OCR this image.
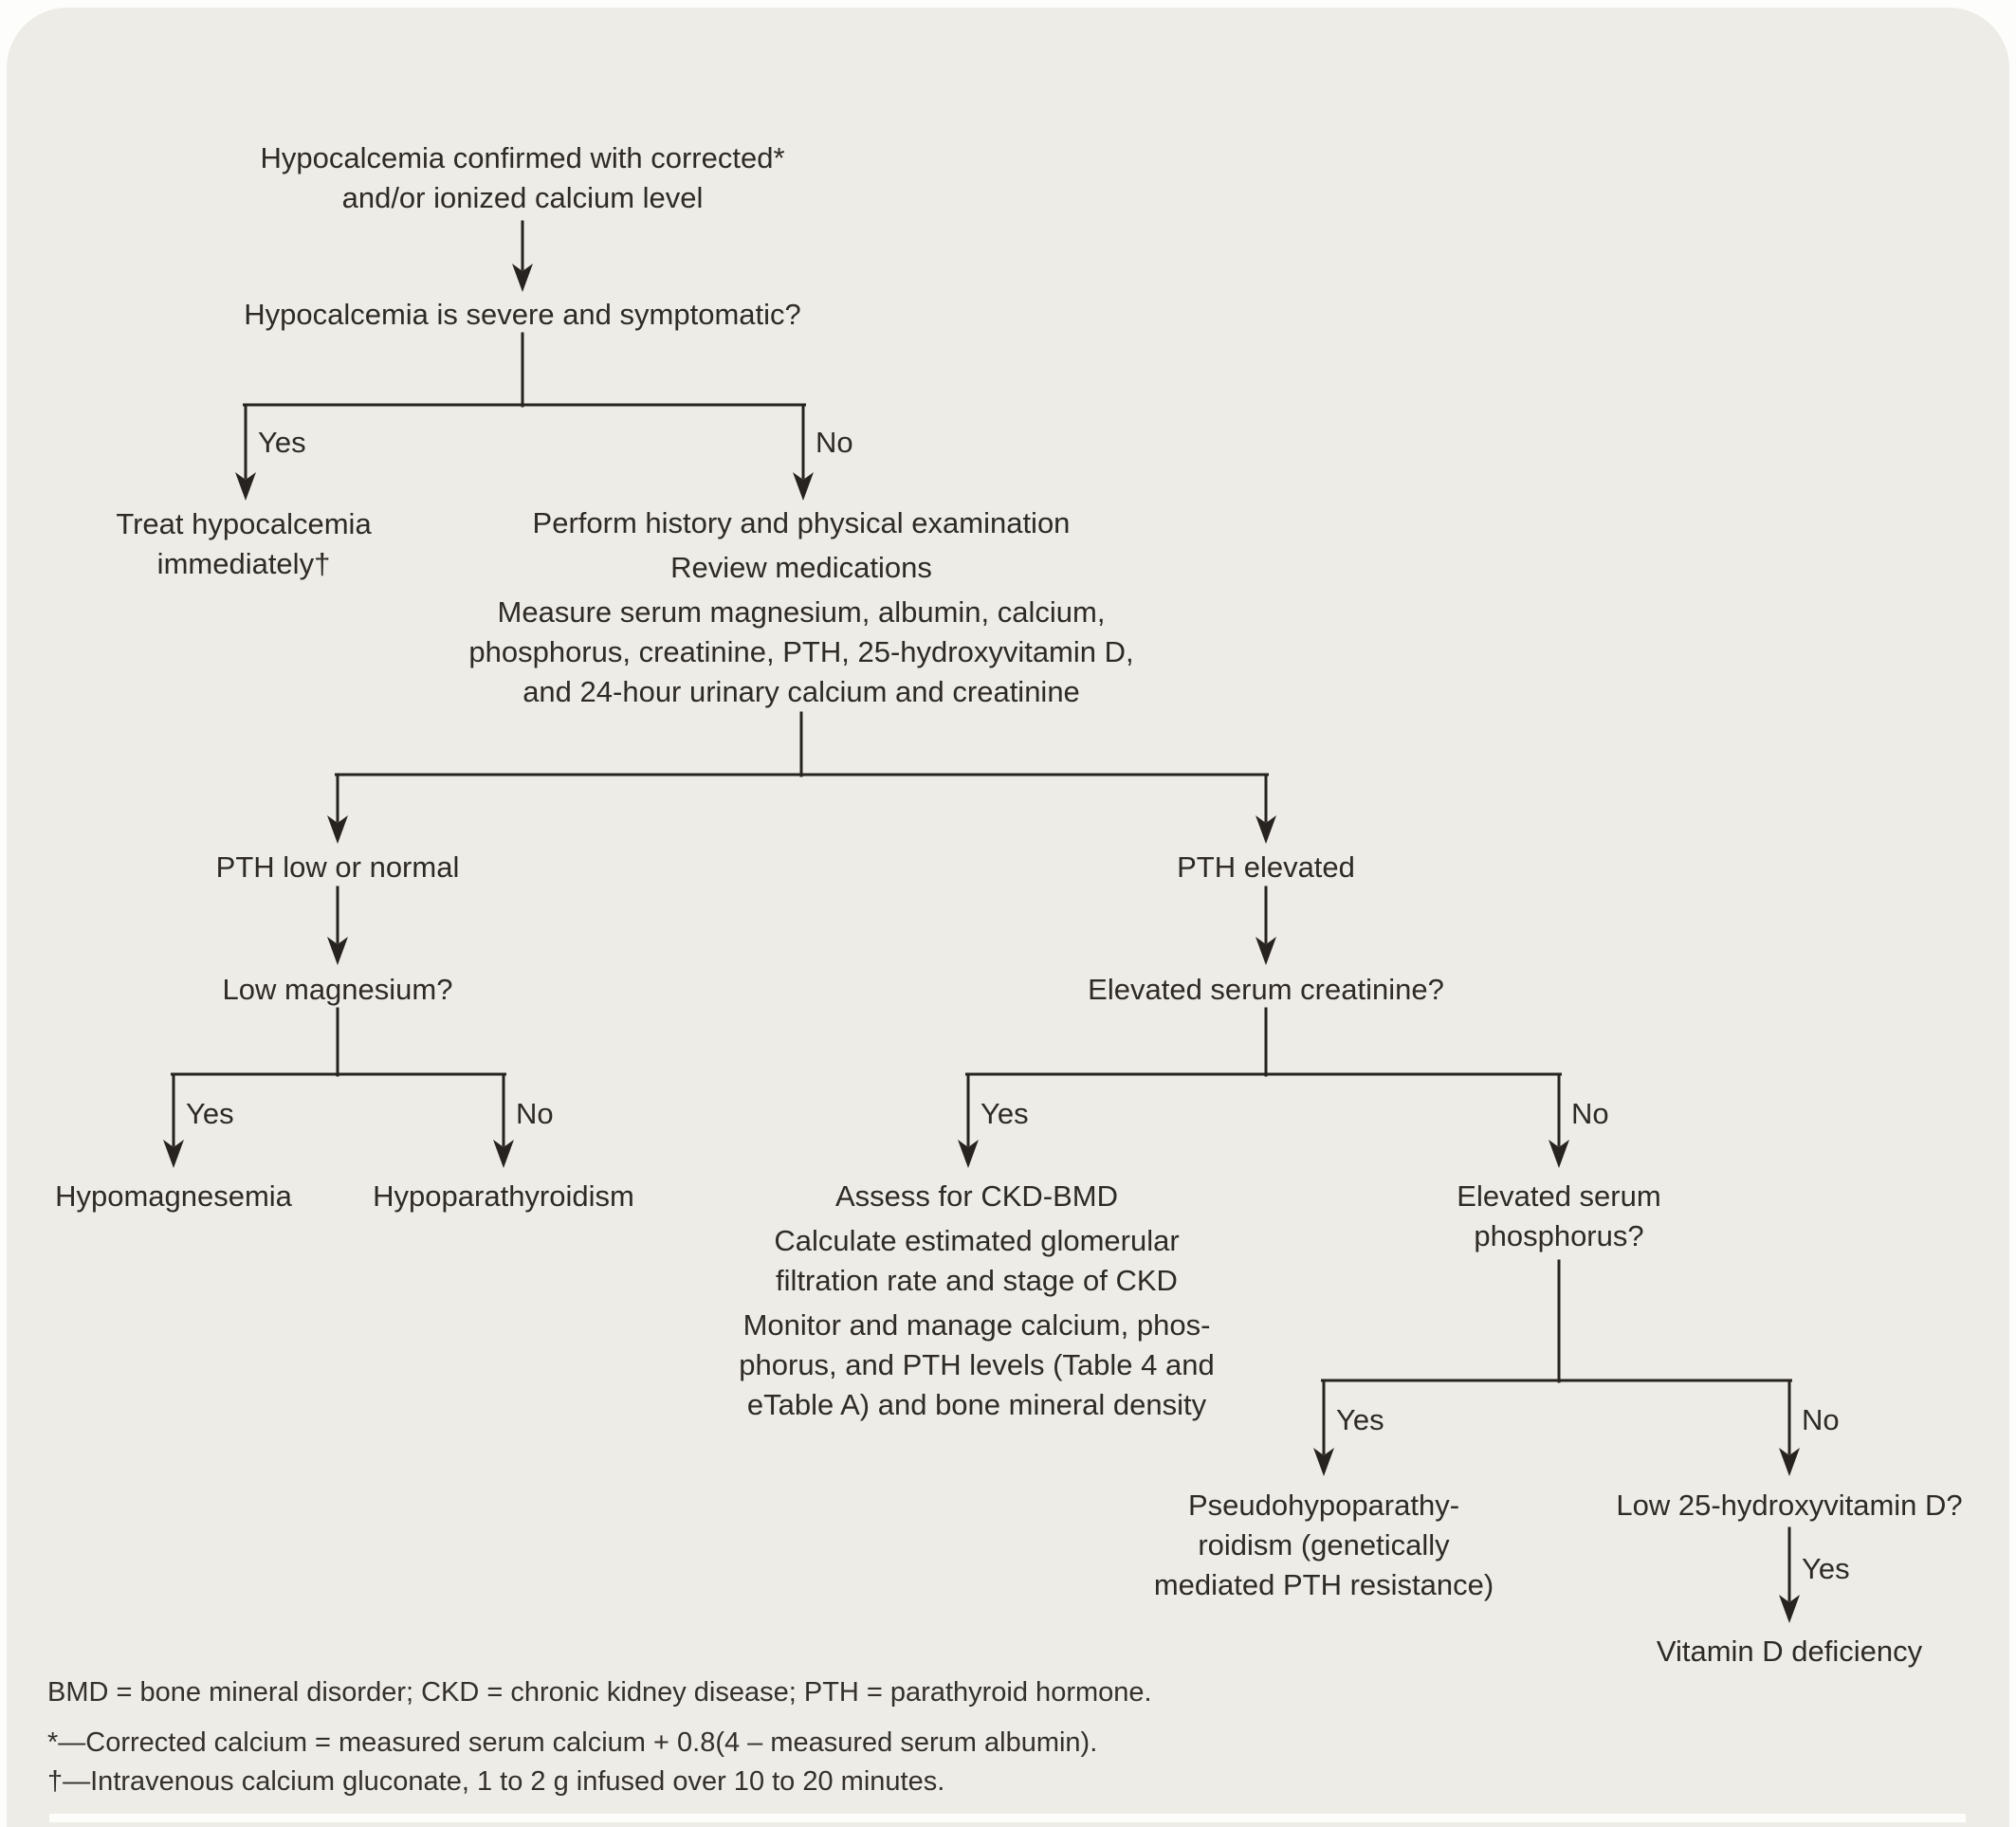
Hypocalcemia confirmed with corrected*
and/or ionized calcium level
Hypocalcemia is severe and symptomatic?
Yes	No
Treat hypocalcemia
immediately†
Perform history and physical examination
Review medications
Measure serum magnesium, albumin, calcium,
phosphorus, creatinine, PTH, 25-hydroxyvitamin D,
and 24-hour urinary calcium and creatinine
PTH low or normal	PTH elevated
Low magnesium?	Elevated serum creatinine?
Yes	No	Yes	No
Hypomagnesemia	Hypoparathyroidism	Assess for CKD-BMD
Calculate estimated glomerular
filtration rate and stage of CKD
Monitor and manage calcium, phos-
phorus, and PTH levels (Table 4 and
eTable A) and bone mineral density
Elevated serum
phosphorus?
Yes	No
Pseudohypoparathy-
roidism (genetically
mediated PTH resistance)
Low 25-hydroxyvitamin D?
Yes
Vitamin D deficiency
BMD = bone mineral disorder; CKD = chronic kidney disease; PTH = parathyroid hormone.
*—Corrected calcium = measured serum calcium + 0.8(4 – measured serum albumin).
†—Intravenous calcium gluconate, 1 to 2 g infused over 10 to 20 minutes.
